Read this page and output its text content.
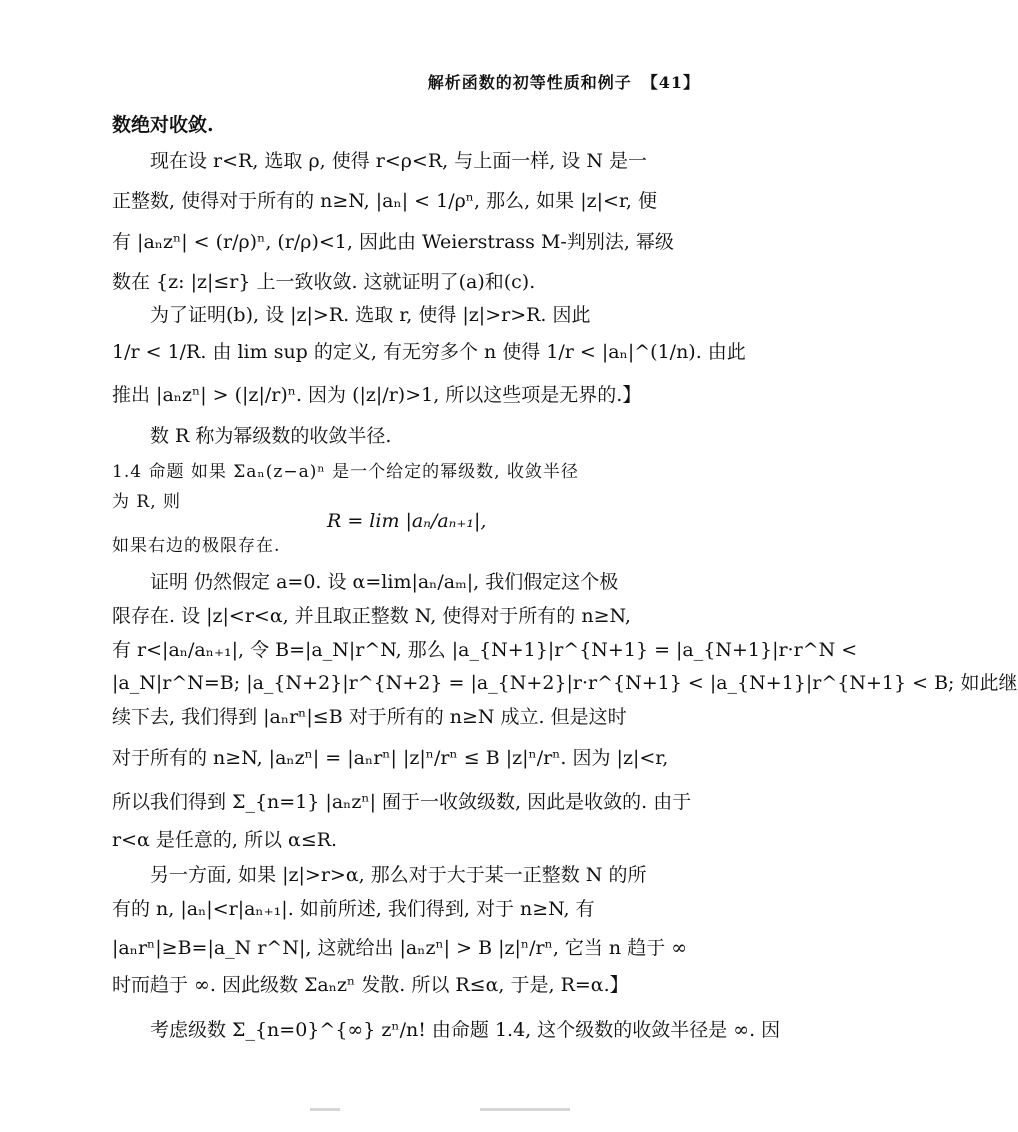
解析函数的初等性质和例子 【41】
数绝对收敛.
现在设 r<R, 选取 ρ, 使得 r<ρ<R, 与上面一样, 设 N 是一
正整数, 使得对于所有的 n≥N, |aₙ| < 1/ρⁿ, 那么, 如果 |z|<r, 便
有 |aₙzⁿ| < (r/ρ)ⁿ, (r/ρ)<1, 因此由 Weierstrass M-判别法, 幂级
数在 {z: |z|≤r} 上一致收敛. 这就证明了(a)和(c).
为了证明(b), 设 |z|>R. 选取 r, 使得 |z|>r>R. 因此
1/r < 1/R. 由 lim sup 的定义, 有无穷多个 n 使得 1/r < |aₙ|^(1/n). 由此
推出 |aₙzⁿ| > (|z|/r)ⁿ. 因为 (|z|/r)>1, 所以这些项是无界的.】
数 R 称为幂级数的收敛半径.
1.4 命题 如果 Σaₙ(z−a)ⁿ 是一个给定的幂级数, 收敛半径
为 R, 则
R = lim |aₙ/aₙ₊₁|,
如果右边的极限存在.
证明 仍然假定 a=0. 设 α=lim|aₙ/aₘ|, 我们假定这个极
限存在. 设 |z|<r<α, 并且取正整数 N, 使得对于所有的 n≥N,
有 r<|aₙ/aₙ₊₁|, 令 B=|a_N|r^N, 那么 |a_{N+1}|r^{N+1} = |a_{N+1}|r·r^N <
|a_N|r^N=B; |a_{N+2}|r^{N+2} = |a_{N+2}|r·r^{N+1} < |a_{N+1}|r^{N+1} < B; 如此继
续下去, 我们得到 |aₙrⁿ|≤B 对于所有的 n≥N 成立. 但是这时
对于所有的 n≥N, |aₙzⁿ| = |aₙrⁿ| |z|ⁿ/rⁿ ≤ B |z|ⁿ/rⁿ. 因为 |z|<r,
所以我们得到 Σ_{n=1} |aₙzⁿ| 囿于一收敛级数, 因此是收敛的. 由于
r<α 是任意的, 所以 α≤R.
另一方面, 如果 |z|>r>α, 那么对于大于某一正整数 N 的所
有的 n, |aₙ|<r|aₙ₊₁|. 如前所述, 我们得到, 对于 n≥N, 有
|aₙrⁿ|≥B=|a_N r^N|, 这就给出 |aₙzⁿ| > B |z|ⁿ/rⁿ, 它当 n 趋于 ∞
时而趋于 ∞. 因此级数 Σaₙzⁿ 发散. 所以 R≤α, 于是, R=α.】
考虑级数 Σ_{n=0}^{∞} zⁿ/n! 由命题 1.4, 这个级数的收敛半径是 ∞. 因
